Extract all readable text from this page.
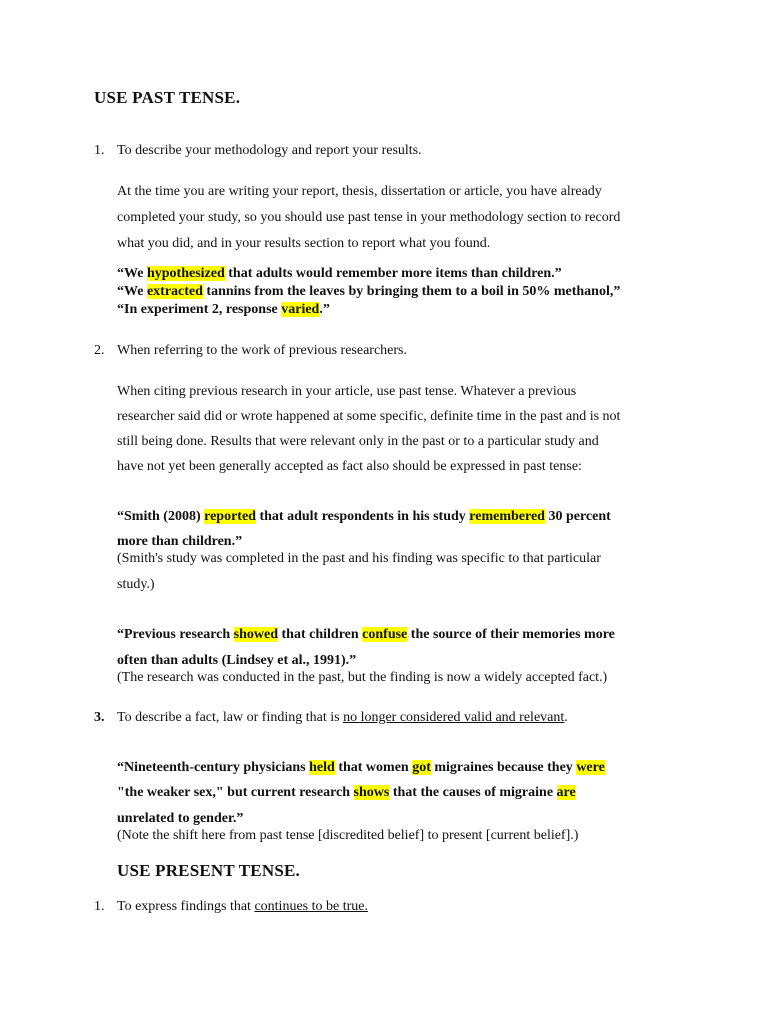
USE PAST TENSE.
1. To describe your methodology and report your results.
At the time you are writing your report, thesis, dissertation or article, you have already
completed your study, so you should use past tense in your methodology section to record
what you did, and in your results section to report what you found.
“We hypothesized that adults would remember more items than children.”
“We extracted tannins from the leaves by bringing them to a boil in 50% methanol,”
“In experiment 2, response varied.”
2. When referring to the work of previous researchers.
When citing previous research in your article, use past tense. Whatever a previous
researcher said did or wrote happened at some specific, definite time in the past and is not
still being done. Results that were relevant only in the past or to a particular study and
have not yet been generally accepted as fact also should be expressed in past tense:
“Smith (2008) reported that adult respondents in his study remembered 30 percent
more than children.”
(Smith's study was completed in the past and his finding was specific to that particular
study.)
“Previous research showed that children confuse the source of their memories more
often than adults (Lindsey et al., 1991).”
(The research was conducted in the past, but the finding is now a widely accepted fact.)
3. To describe a fact, law or finding that is no longer considered valid and relevant.
“Nineteenth-century physicians held that women got migraines because they were
"the weaker sex," but current research shows that the causes of migraine are
unrelated to gender.”
(Note the shift here from past tense [discredited belief] to present [current belief].)
USE PRESENT TENSE.
1. To express findings that continues to be true.
